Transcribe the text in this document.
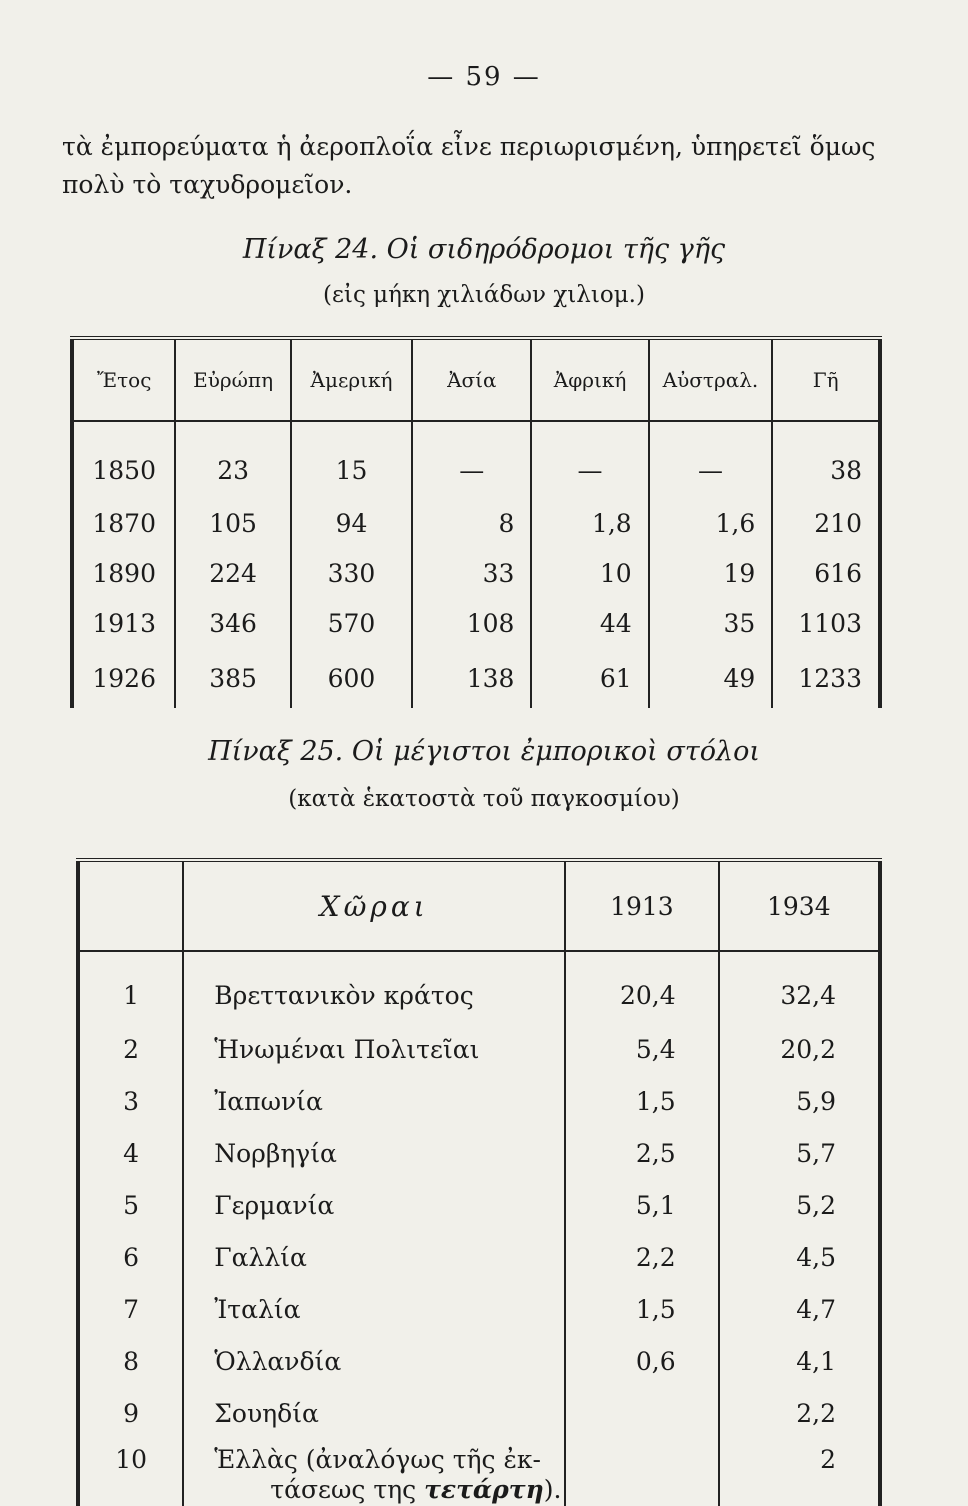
— 59 —

τὰ ἐμπορεύματα ἡ ἀεροπλοΐα εἶνε περιωρισμένη, ὑπηρετεῖ ὅμως

πολὺ τὸ ταχυδρομεῖον.

Πίναξ 24. Οἱ σιδηρόδρομοι τῆς γῆς
(εἰς μήκη χιλιάδων χιλιομ.)
Ἔτος	Εὐρώπη	Ἀμερική	Ἀσία	Ἀφρική	Αὐστραλ.	Γῆ
1850	23	15	—	—	—	38
1870	105	94	8	1,8	1,6	210
1890	224	330	33	10	19	616
1913	346	570	108	44	35	1103
1926	385	600	138	61	49	1233
Πίναξ 25. Οἱ μέγιστοι ἐμπορικοὶ στόλοι
(κατὰ ἑκατοστὰ τοῦ παγκοσμίου)
	Χῶραι	1913	1934
1	Βρεττανικὸν κράτος	20,4	32,4
2	Ἡνωμέναι Πολιτεῖαι	5,4	20,2
3	Ἰαπωνία	1,5	5,9
4	Νορβηγία	2,5	5,7
5	Γερμανία	5,1	5,2
6	Γαλλία	2,2	4,5
7	Ἰταλία	1,5	4,7
8	Ὁλλανδία	0,6	4,1
9	Σουηδία		2,2
10	Ἑλλὰς (ἀναλόγως τῆς ἐκ-
τάσεως της τετάρτη).		2
